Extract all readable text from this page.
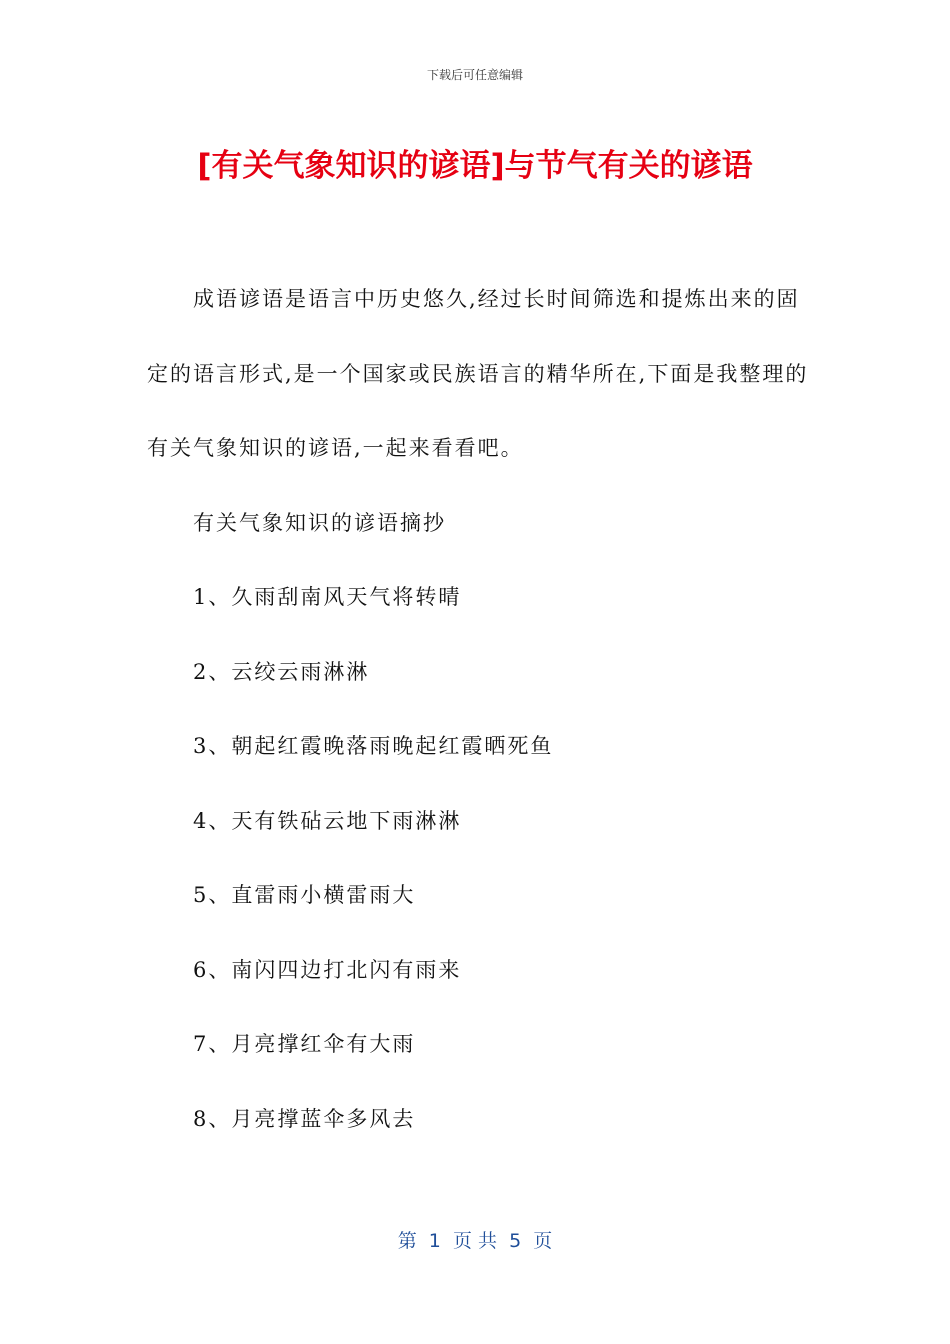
下载后可任意编辑
[有关气象知识的谚语]与节气有关的谚语

成语谚语是语言中历史悠久,经过长时间筛选和提炼出来的固定的语言形式,是一个国家或民族语言的精华所在,下面是我整理的有关气象知识的谚语,一起来看看吧。

有关气象知识的谚语摘抄

1、久雨刮南风天气将转晴

2、云绞云雨淋淋

3、朝起红霞晚落雨晚起红霞晒死鱼

4、天有铁砧云地下雨淋淋

5、直雷雨小横雷雨大

6、南闪四边打北闪有雨来

7、月亮撑红伞有大雨

8、月亮撑蓝伞多风去

第  1  页 共  5  页
